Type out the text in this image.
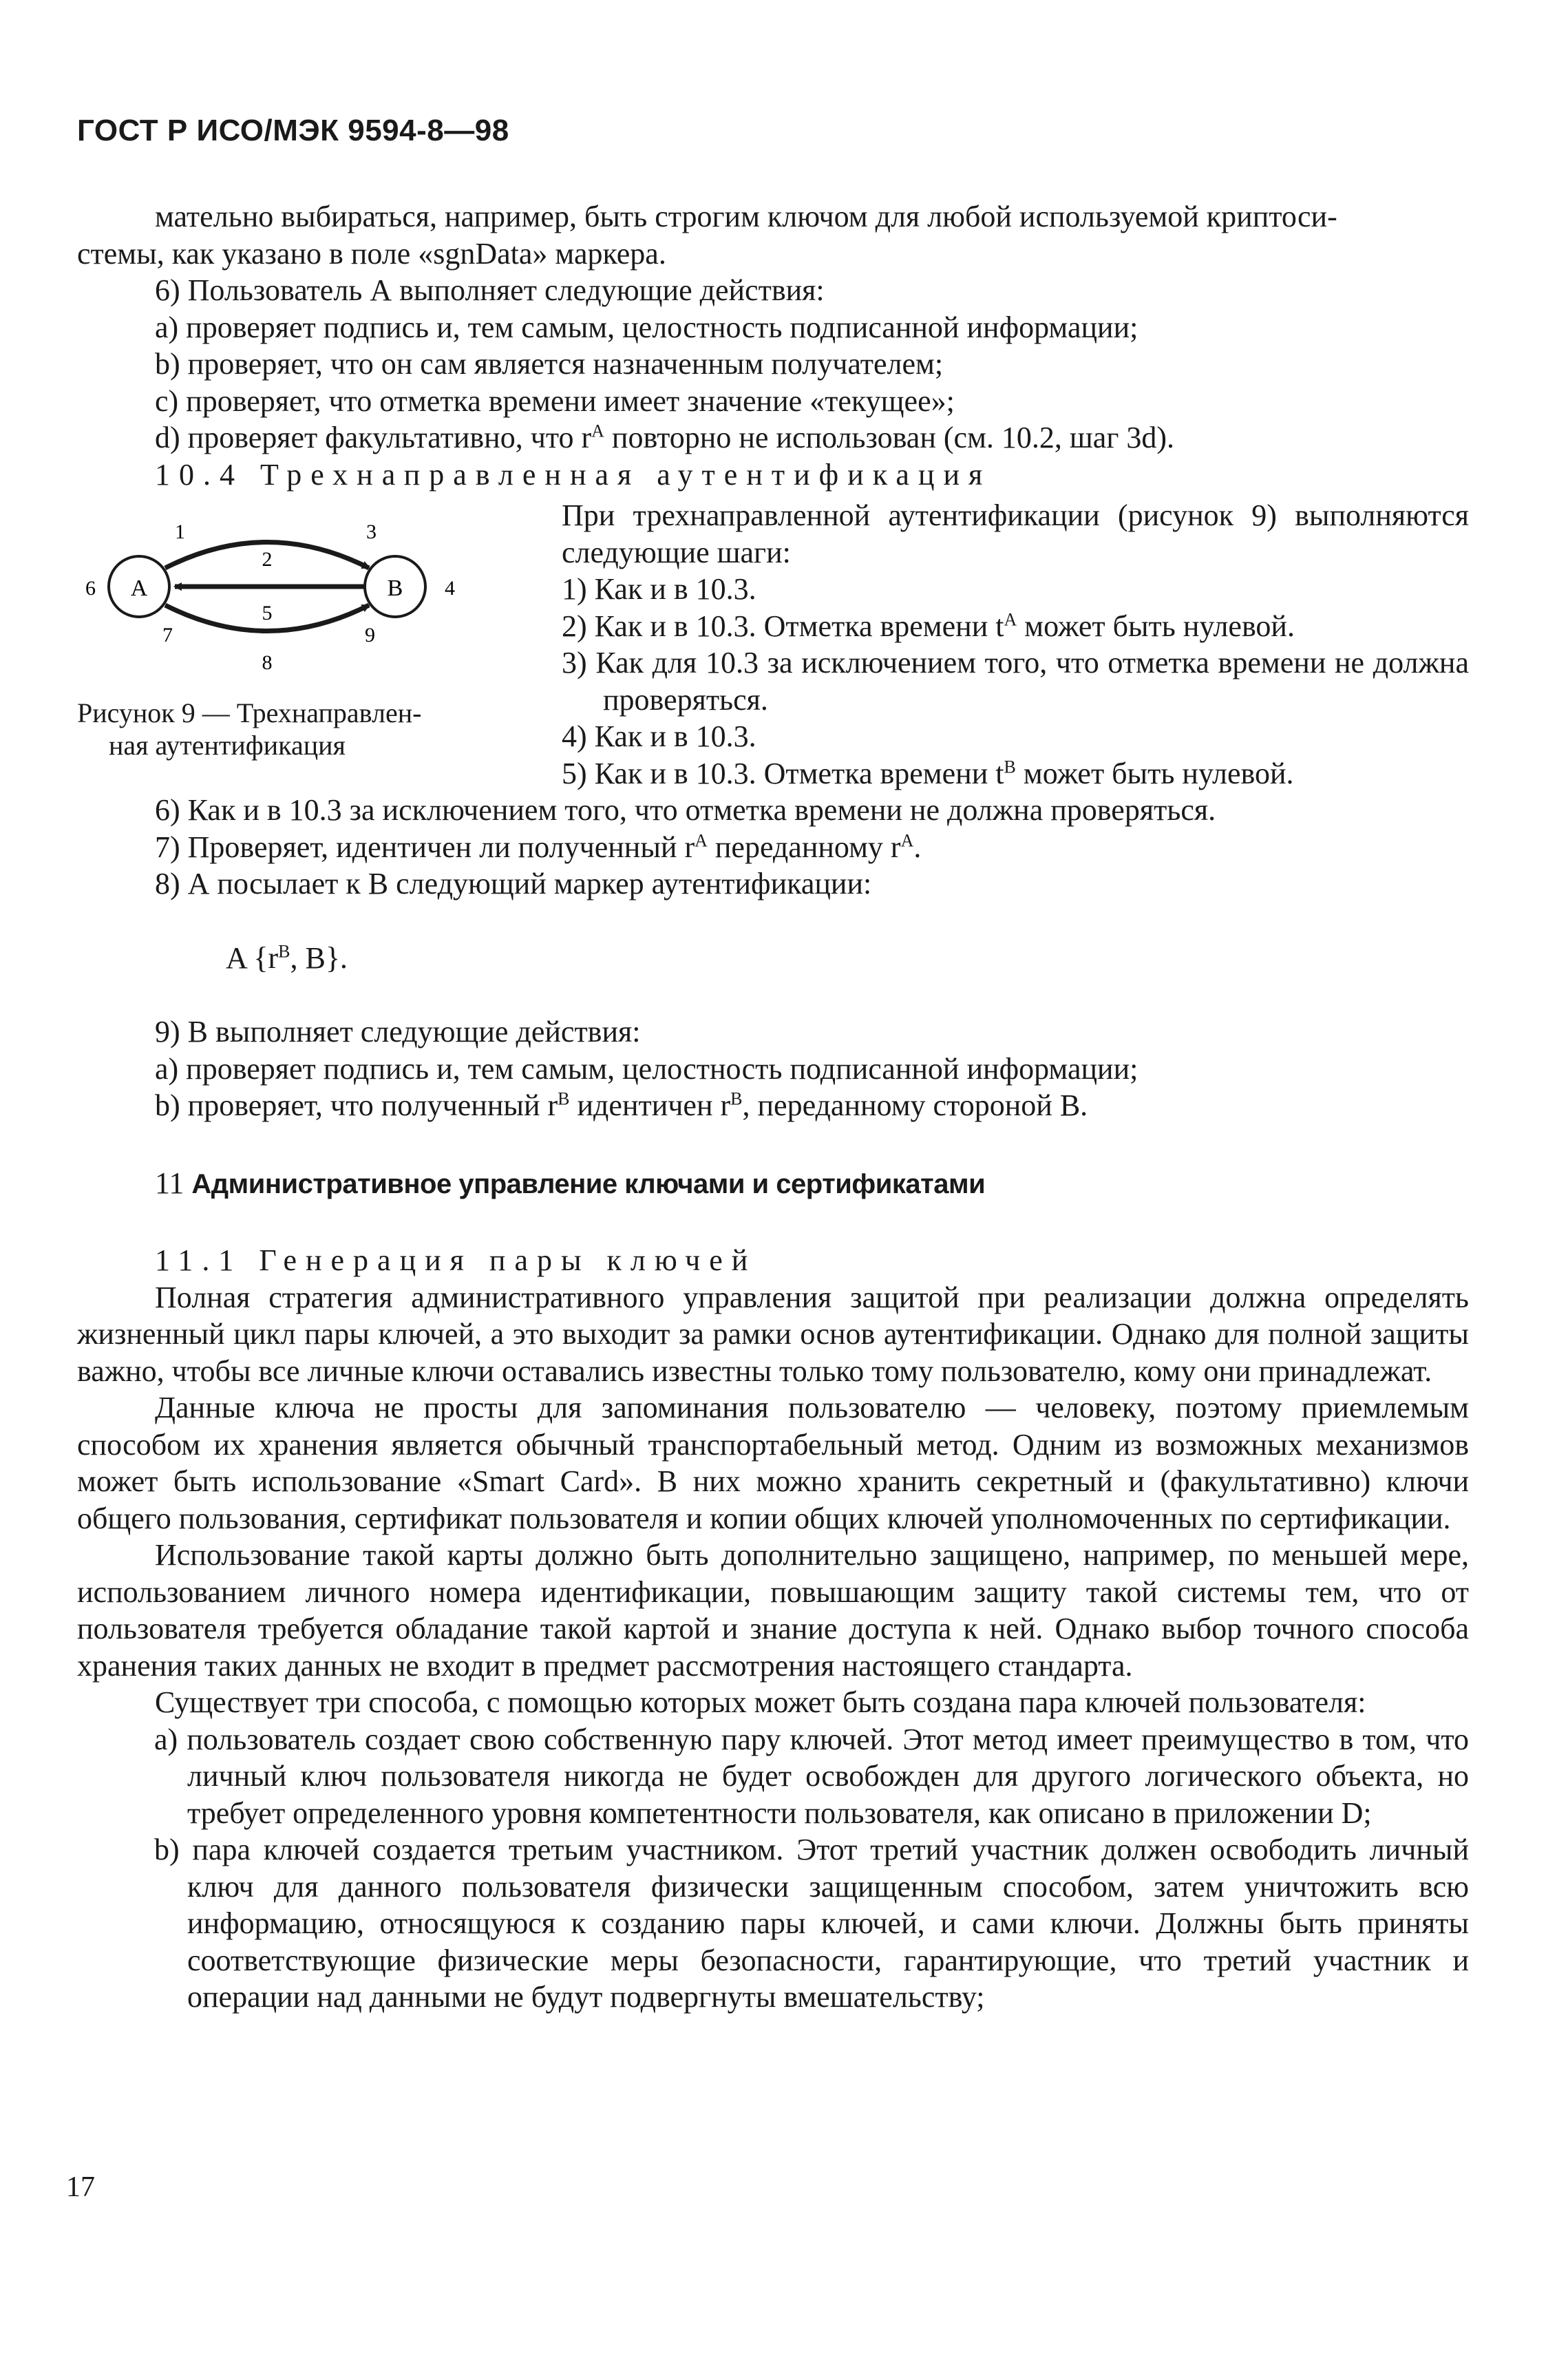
ГОСТ Р ИСО/МЭК 9594-8—98

мательно выбираться, например, быть строгим ключом для любой используемой криптоси-

стемы, как указано в поле «sgnData» маркера.

6) Пользователь А выполняет следующие действия:

а) проверяет подпись и, тем самым, целостность подписанной информации;

b) проверяет, что он сам является назначенным получателем;

с) проверяет, что отметка времени имеет значение «текущее»;

d) проверяет факультативно, что $r^A$ повторно не использован (см. 10.2, шаг 3d).

10.4 Трехнаправленная аутентификация

A	B
1
2
3
4
5
6
7
8
9
Рисунок 9 — Трехнаправлен-
ная аутентификация

При трехнаправленной аутентификации (рисунок 9) выполняются следующие шаги:

1) Как и в 10.3.

2) Как и в 10.3. Отметка времени $t^A$ может быть нулевой.

3) Как для 10.3 за исключением того, что отметка времени не должна проверяться.

4) Как и в 10.3.

5) Как и в 10.3. Отметка времени $t^B$ может быть нулевой.

6) Как и в 10.3 за исключением того, что отметка времени не должна проверяться.

7) Проверяет, идентичен ли полученный $r^A$ переданному $r^A$.

8) А посылает к В следующий маркер аутентификации:

A {$r^B$, B}.

9) В выполняет следующие действия:

а) проверяет подпись и, тем самым, целостность подписанной информации;

b) проверяет, что полученный $r^B$ идентичен $r^B$, переданному стороной В.

11 Административное управление ключами и сертификатами

11.1 Генерация пары ключей

Полная стратегия административного управления защитой при реализации должна определять жизненный цикл пары ключей, а это выходит за рамки основ аутентификации. Однако для полной защиты важно, чтобы все личные ключи оставались известны только тому пользователю, кому они принадлежат.

Данные ключа не просты для запоминания пользователю — человеку, поэтому приемлемым способом их хранения является обычный транспортабельный метод. Одним из возможных механизмов может быть использование «Smart Card». В них можно хранить секретный и (факультативно) ключи общего пользования, сертификат пользователя и копии общих ключей уполномоченных по сертификации.

Использование такой карты должно быть дополнительно защищено, например, по меньшей мере, использованием личного номера идентификации, повышающим защиту такой системы тем, что от пользователя требуется обладание такой картой и знание доступа к ней. Однако выбор точного способа хранения таких данных не входит в предмет рассмотрения настоящего стандарта.

Существует три способа, с помощью которых может быть создана пара ключей пользователя:

а) пользователь создает свою собственную пару ключей. Этот метод имеет преимущество в том, что личный ключ пользователя никогда не будет освобожден для другого логического объекта, но требует определенного уровня компетентности пользователя, как описано в приложении D;

b) пара ключей создается третьим участником. Этот третий участник должен освободить личный ключ для данного пользователя физически защищенным способом, затем уничтожить всю информацию, относящуюся к созданию пары ключей, и сами ключи. Должны быть приняты соответствующие физические меры безопасности, гарантирующие, что третий участник и операции над данными не будут подвергнуты вмешательству;

17
